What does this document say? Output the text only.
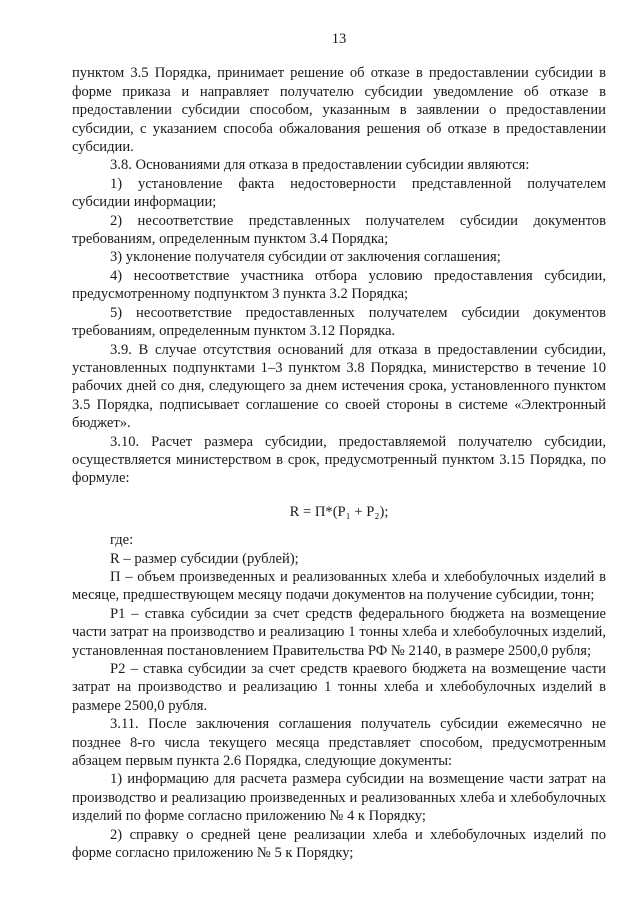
13

пунктом 3.5 Порядка, принимает решение об отказе в предоставлении субсидии в форме приказа и направляет получателю субсидии уведомление об отказе в предоставлении субсидии способом, указанным в заявлении о предоставлении субсидии, с указанием способа обжалования решения об отказе в предоставлении субсидии.

3.8. Основаниями для отказа в предоставлении субсидии являются:

1) установление факта недостоверности представленной получателем субсидии информации;

2) несоответствие представленных получателем субсидии документов требованиям, определенным пунктом 3.4 Порядка;

3) уклонение получателя субсидии от заключения соглашения;

4) несоответствие участника отбора условию предоставления субсидии, предусмотренному подпунктом 3 пункта 3.2 Порядка;

5) несоответствие предоставленных получателем субсидии документов требованиям, определенным пунктом 3.12 Порядка.

3.9. В случае отсутствия оснований для отказа в предоставлении субсидии, установленных подпунктами 1–3 пунктом 3.8 Порядка, министерство в течение 10 рабочих дней со дня, следующего за днем истечения срока, установленного пунктом 3.5 Порядка, подписывает соглашение со своей стороны в системе «Электронный бюджет».

3.10. Расчет размера субсидии, предоставляемой получателю субсидии, осуществляется министерством в срок, предусмотренный пунктом 3.15 Порядка, по формуле:

R = П*(P₁ + P₂);

где:

R – размер субсидии (рублей);

П – объем произведенных и реализованных хлеба и хлебобулочных изделий в месяце, предшествующем месяцу подачи документов на получение субсидии, тонн;

P1 – ставка субсидии за счет средств федерального бюджета на возмещение части затрат на производство и реализацию 1 тонны хлеба и хлебобулочных изделий, установленная постановлением Правительства РФ № 2140, в размере 2500,0 рубля;

P2 – ставка субсидии за счет средств краевого бюджета на возмещение части затрат на производство и реализацию 1 тонны хлеба и хлебобулочных изделий в размере 2500,0 рубля.

3.11. После заключения соглашения получатель субсидии ежемесячно не позднее 8-го числа текущего месяца представляет способом, предусмотренным абзацем первым пункта 2.6 Порядка, следующие документы:

1) информацию для расчета размера субсидии на возмещение части затрат на производство и реализацию произведенных и реализованных хлеба и хлебобулочных изделий по форме согласно приложению № 4 к Порядку;

2) справку о средней цене реализации хлеба и хлебобулочных изделий по форме согласно приложению № 5 к Порядку;
